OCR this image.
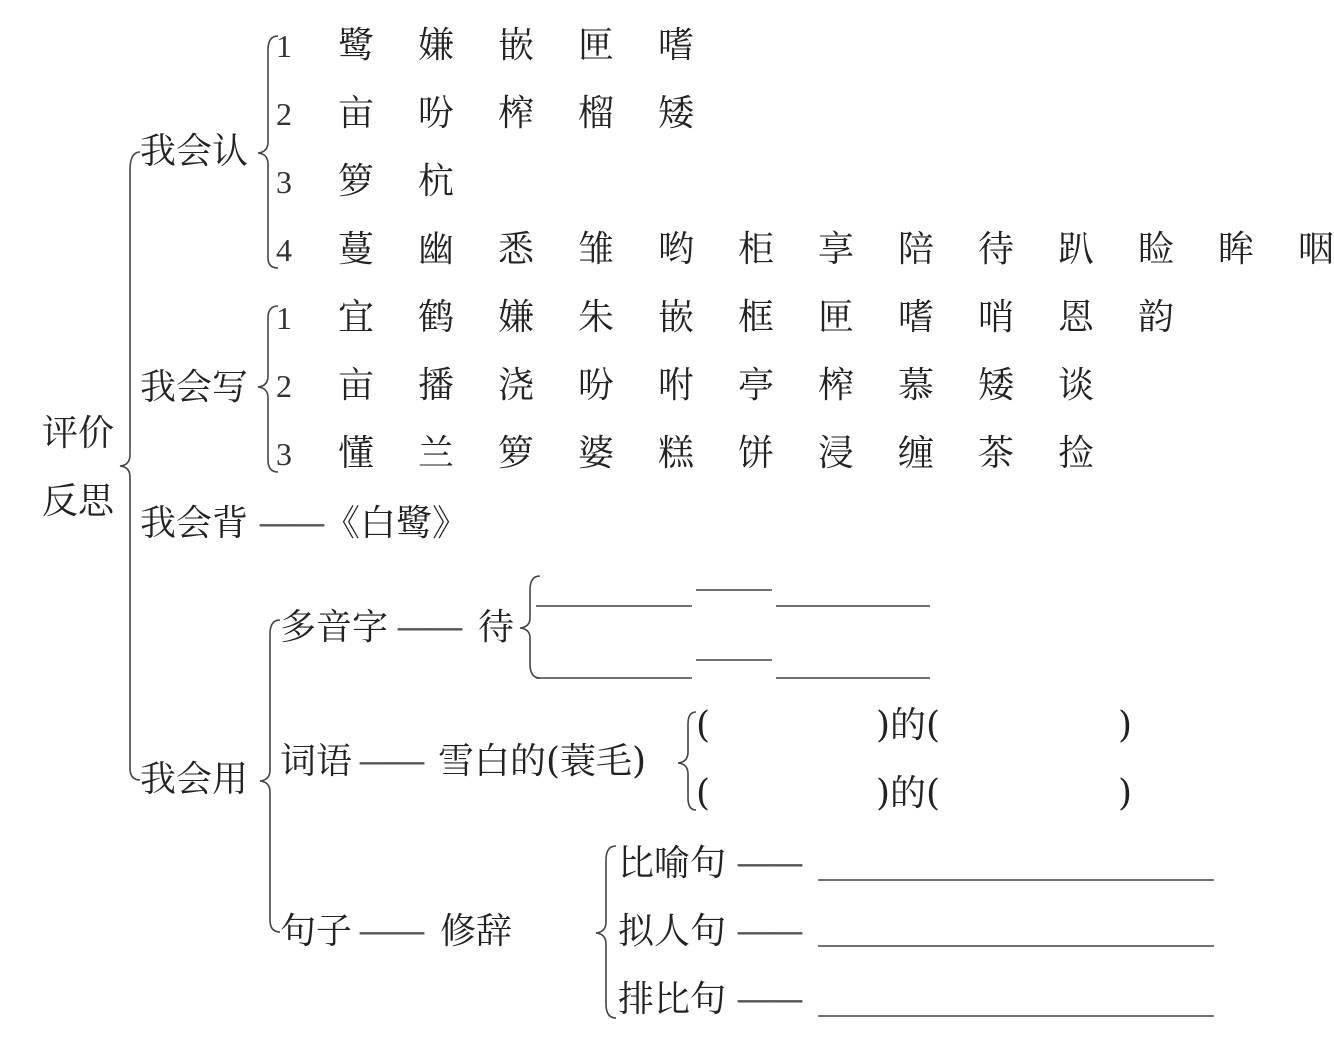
评价
反思
我会认
1 鹭 嫌 嵌 匣 嗜
2 亩 吩 榨 榴 矮
3 箩 杭
4 蔓 幽 悉 雏 哟 柜 享 陪 待 趴 睑 眸 咽
我会写
1 宜 鹤 嫌 朱 嵌 框 匣 嗜 哨 恩 韵
2 亩 播 浇 吩 咐 亭 榨 慕 矮 谈
3 懂 兰 箩 婆 糕 饼 浸 缠 茶 捡
我会背 —— 《白鹭》
我会用
多音字 —— 待
词语 —— 雪白的(蓑毛)
(	)的(	)
(	)的(	)
句子 —— 修辞
比喻句 ——
拟人句 ——
排比句 ——
